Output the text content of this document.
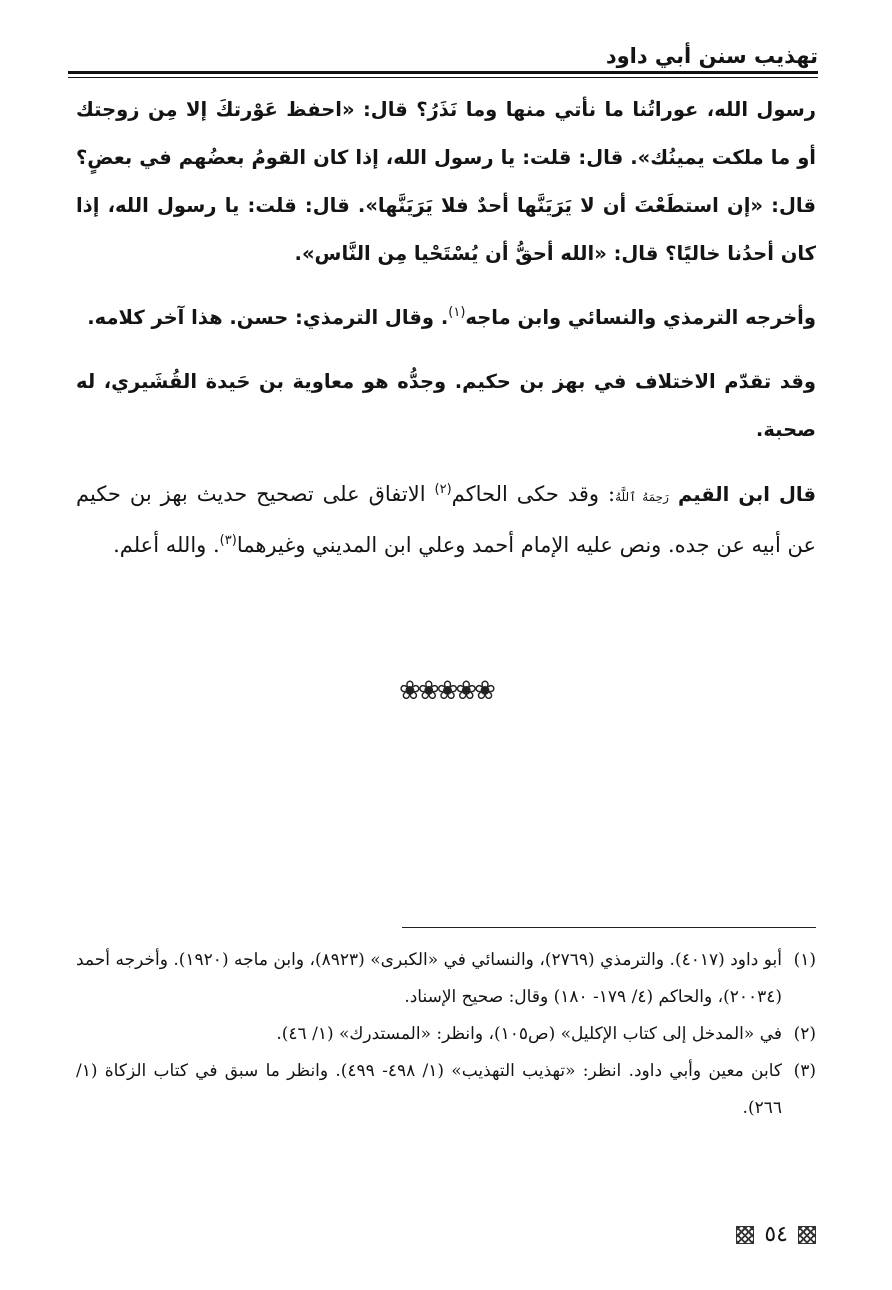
تهذيب سنن أبي داود

رسول الله، عوراتُنا ما نأتي منها وما نَذَرُ؟ قال: «احفظ عَوْرتكَ إلا مِن زوجتك أو ما ملكت يمينُك». قال: قلت: يا رسول الله، إذا كان القومُ بعضُهم في بعضٍ؟ قال: «إن استطَعْتَ أن لا يَرَيَنَّها أحدٌ فلا يَرَيَنَّها». قال: قلت: يا رسول الله، إذا كان أحدُنا خاليًا؟ قال: «الله أحقُّ أن يُسْتَحْيا مِن النَّاس».

وأخرجه الترمذي والنسائي وابن ماجه$^{(١)}$. وقال الترمذي: حسن. هذا آخر كلامه.

وقد تقدّم الاختلاف في بهز بن حكيم. وجدُّه هو معاوية بن حَيدة القُشَيري، له صحبة.

قال ابن القيم رَحِمَهُ ٱللَّهُ: وقد حكى الحاكم$^{(٢)}$ الاتفاق على تصحيح حديث بهز بن حكيم عن أبيه عن جده. ونص عليه الإمام أحمد وعلي ابن المديني وغيرهما$^{(٣)}$. والله أعلم.

❀❀❀❀❀
(١)
أبو داود (٤٠١٧). والترمذي (٢٧٦٩)، والنسائي في «الكبرى» (٨٩٢٣)، وابن ماجه (١٩٢٠). وأخرجه أحمد (٢٠٠٣٤)، والحاكم (٤/ ١٧٩- ١٨٠) وقال: صحيح الإسناد.
(٢)
في «المدخل إلى كتاب الإكليل» (ص١٠٥)، وانظر: «المستدرك» (١/ ٤٦).
(٣)
كابن معين وأبي داود. انظر: «تهذيب التهذيب» (١/ ٤٩٨- ٤٩٩). وانظر ما سبق في كتاب الزكاة (١/ ٢٦٦).
٥٤
